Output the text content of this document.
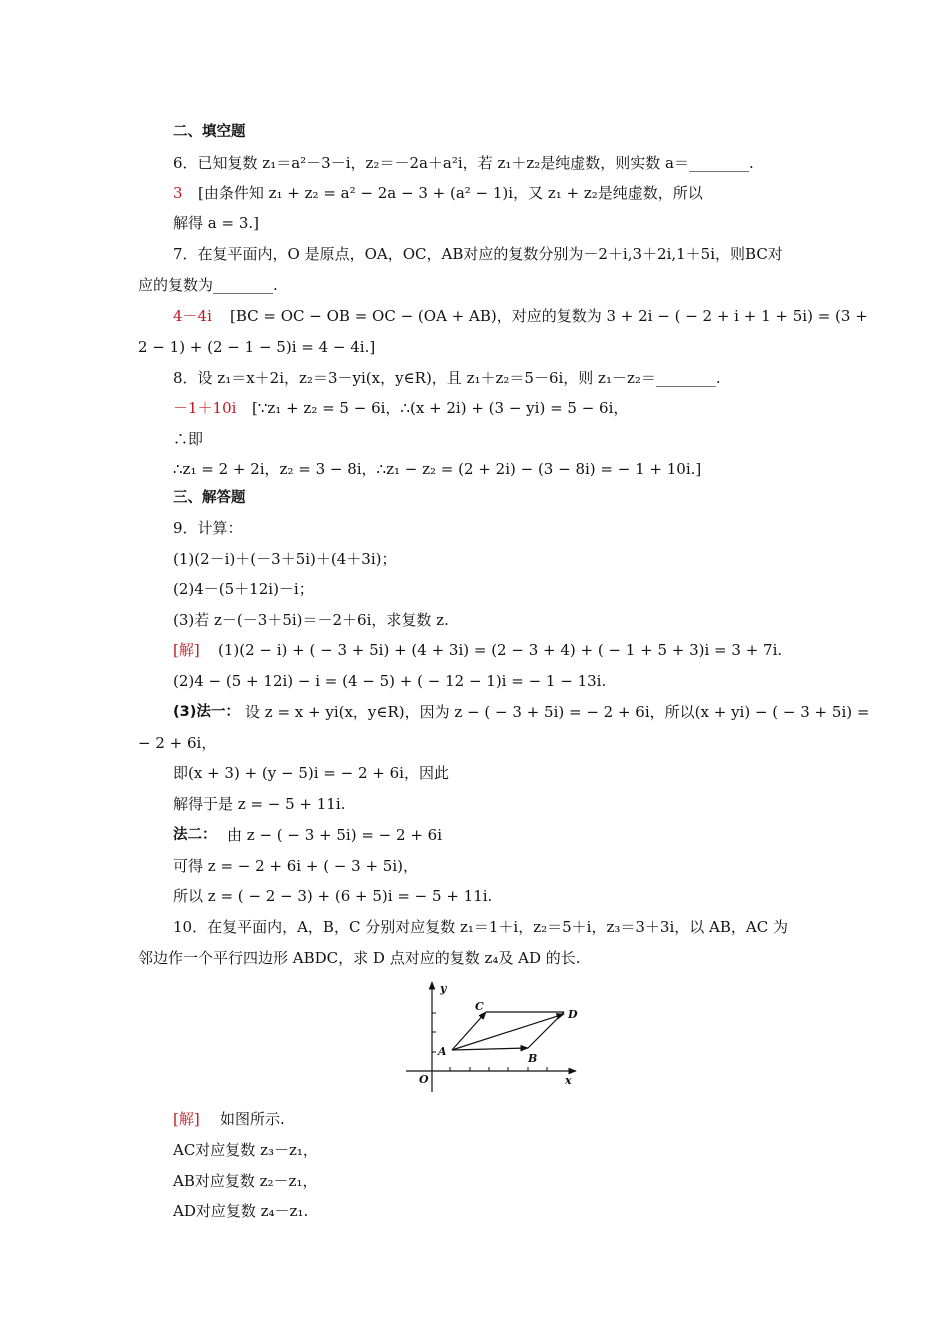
二、填空题
6．已知复数 z₁＝a²－3－i，z₂＝－2a＋a²i，若 z₁＋z₂是纯虚数，则实数 a＝________.
3 [由条件知 z₁ + z₂ = a² − 2a − 3 + (a² − 1)i，又 z₁ + z₂是纯虚数，所以
解得 a = 3.]
7．在复平面内，O 是原点，OA，OC，AB对应的复数分别为－2＋i,3＋2i,1＋5i，则BC对
应的复数为________.
4－4i [BC = OC − OB = OC − (OA + AB)，对应的复数为 3 + 2i − ( − 2 + i + 1 + 5i) = (3 +
2 − 1) + (2 − 1 − 5)i = 4 − 4i.]
8．设 z₁＝x＋2i，z₂＝3－yi(x，y∈R)，且 z₁＋z₂＝5－6i，则 z₁－z₂＝________.
－1＋10i [∵z₁ + z₂ = 5 − 6i，∴(x + 2i) + (3 − yi) = 5 − 6i，
∴即
∴z₁ = 2 + 2i，z₂ = 3 − 8i，∴z₁ − z₂ = (2 + 2i) − (3 − 8i) = − 1 + 10i.]
三、解答题
9．计算：
(1)(2－i)＋(－3＋5i)＋(4＋3i)；
(2)4－(5＋12i)－i；
(3)若 z－(－3＋5i)＝－2＋6i，求复数 z.
[解] (1)(2 − i) + ( − 3 + 5i) + (4 + 3i) = (2 − 3 + 4) + ( − 1 + 5 + 3)i = 3 + 7i.
(2)4 − (5 + 12i) − i = (4 − 5) + ( − 12 − 1)i = − 1 − 13i.
(3)法一： 设 z = x + yi(x，y∈R)，因为 z − ( − 3 + 5i) = − 2 + 6i，所以(x + yi) − ( − 3 + 5i) =
− 2 + 6i，
即(x + 3) + (y − 5)i = − 2 + 6i，因此
解得于是 z = − 5 + 11i.
法二： 由 z − ( − 3 + 5i) = − 2 + 6i
可得 z = − 2 + 6i + ( − 3 + 5i)，
所以 z = ( − 2 − 3) + (6 + 5)i = − 5 + 11i.
10．在复平面内，A，B，C 分别对应复数 z₁＝1＋i，z₂＝5＋i，z₃＝3＋3i，以 AB，AC 为
邻边作一个平行四边形 ABDC，求 D 点对应的复数 z₄及 AD 的长.
y
x
O
A
B
C
D
[解] 如图所示.
AC对应复数 z₃－z₁，
AB对应复数 z₂－z₁，
AD对应复数 z₄－z₁.
